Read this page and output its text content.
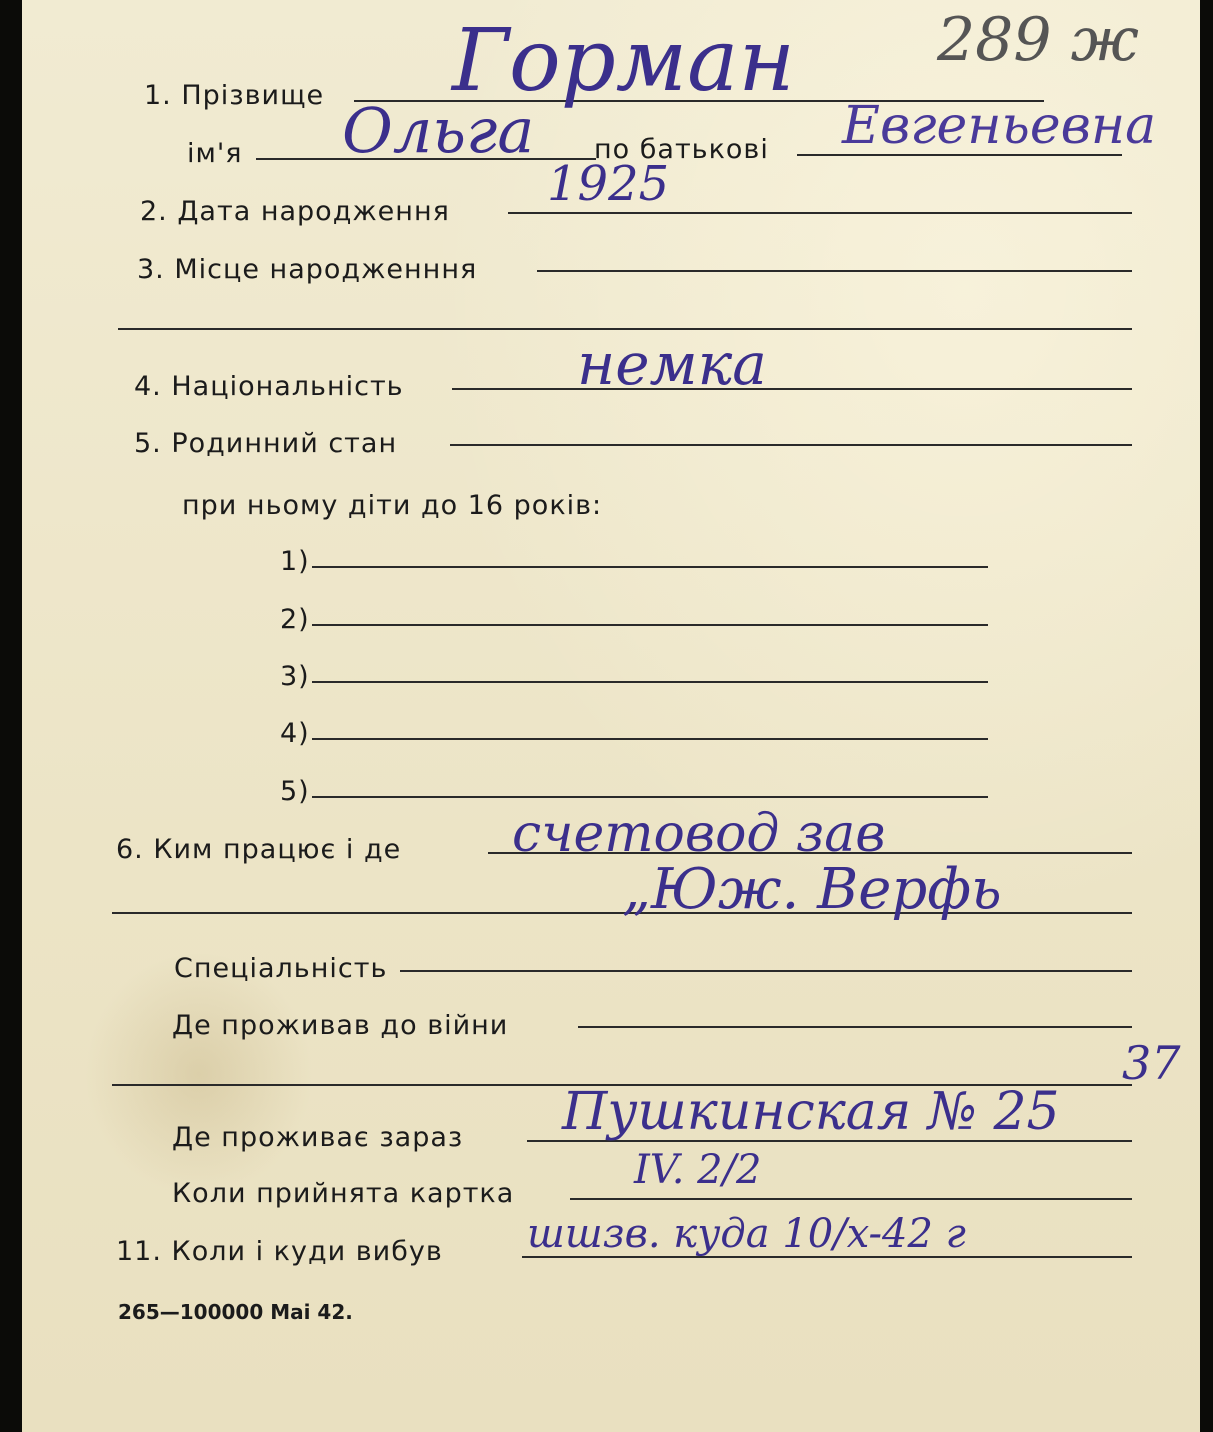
1. Прізвище Горман 289 ж
ім'я Ольга по батькові Евгеньевна
2. Дата народження 1925
3. Місце народженння
4. Національність	немка
5. Родинний стан
при ньому діти до 16 років:
1)
2)
3)
4)
5)
6. Ким працює і де счетовод зав
„Юж. Верфь
Спеціальність
Де проживав до війни
Де проживає зараз Пушкинская № 25
37
Коли прийнята картка
IV. 2/2
11. Коли і куди вибув шшзв. куда 10/x-42 г
265—100000 Mai 42.
